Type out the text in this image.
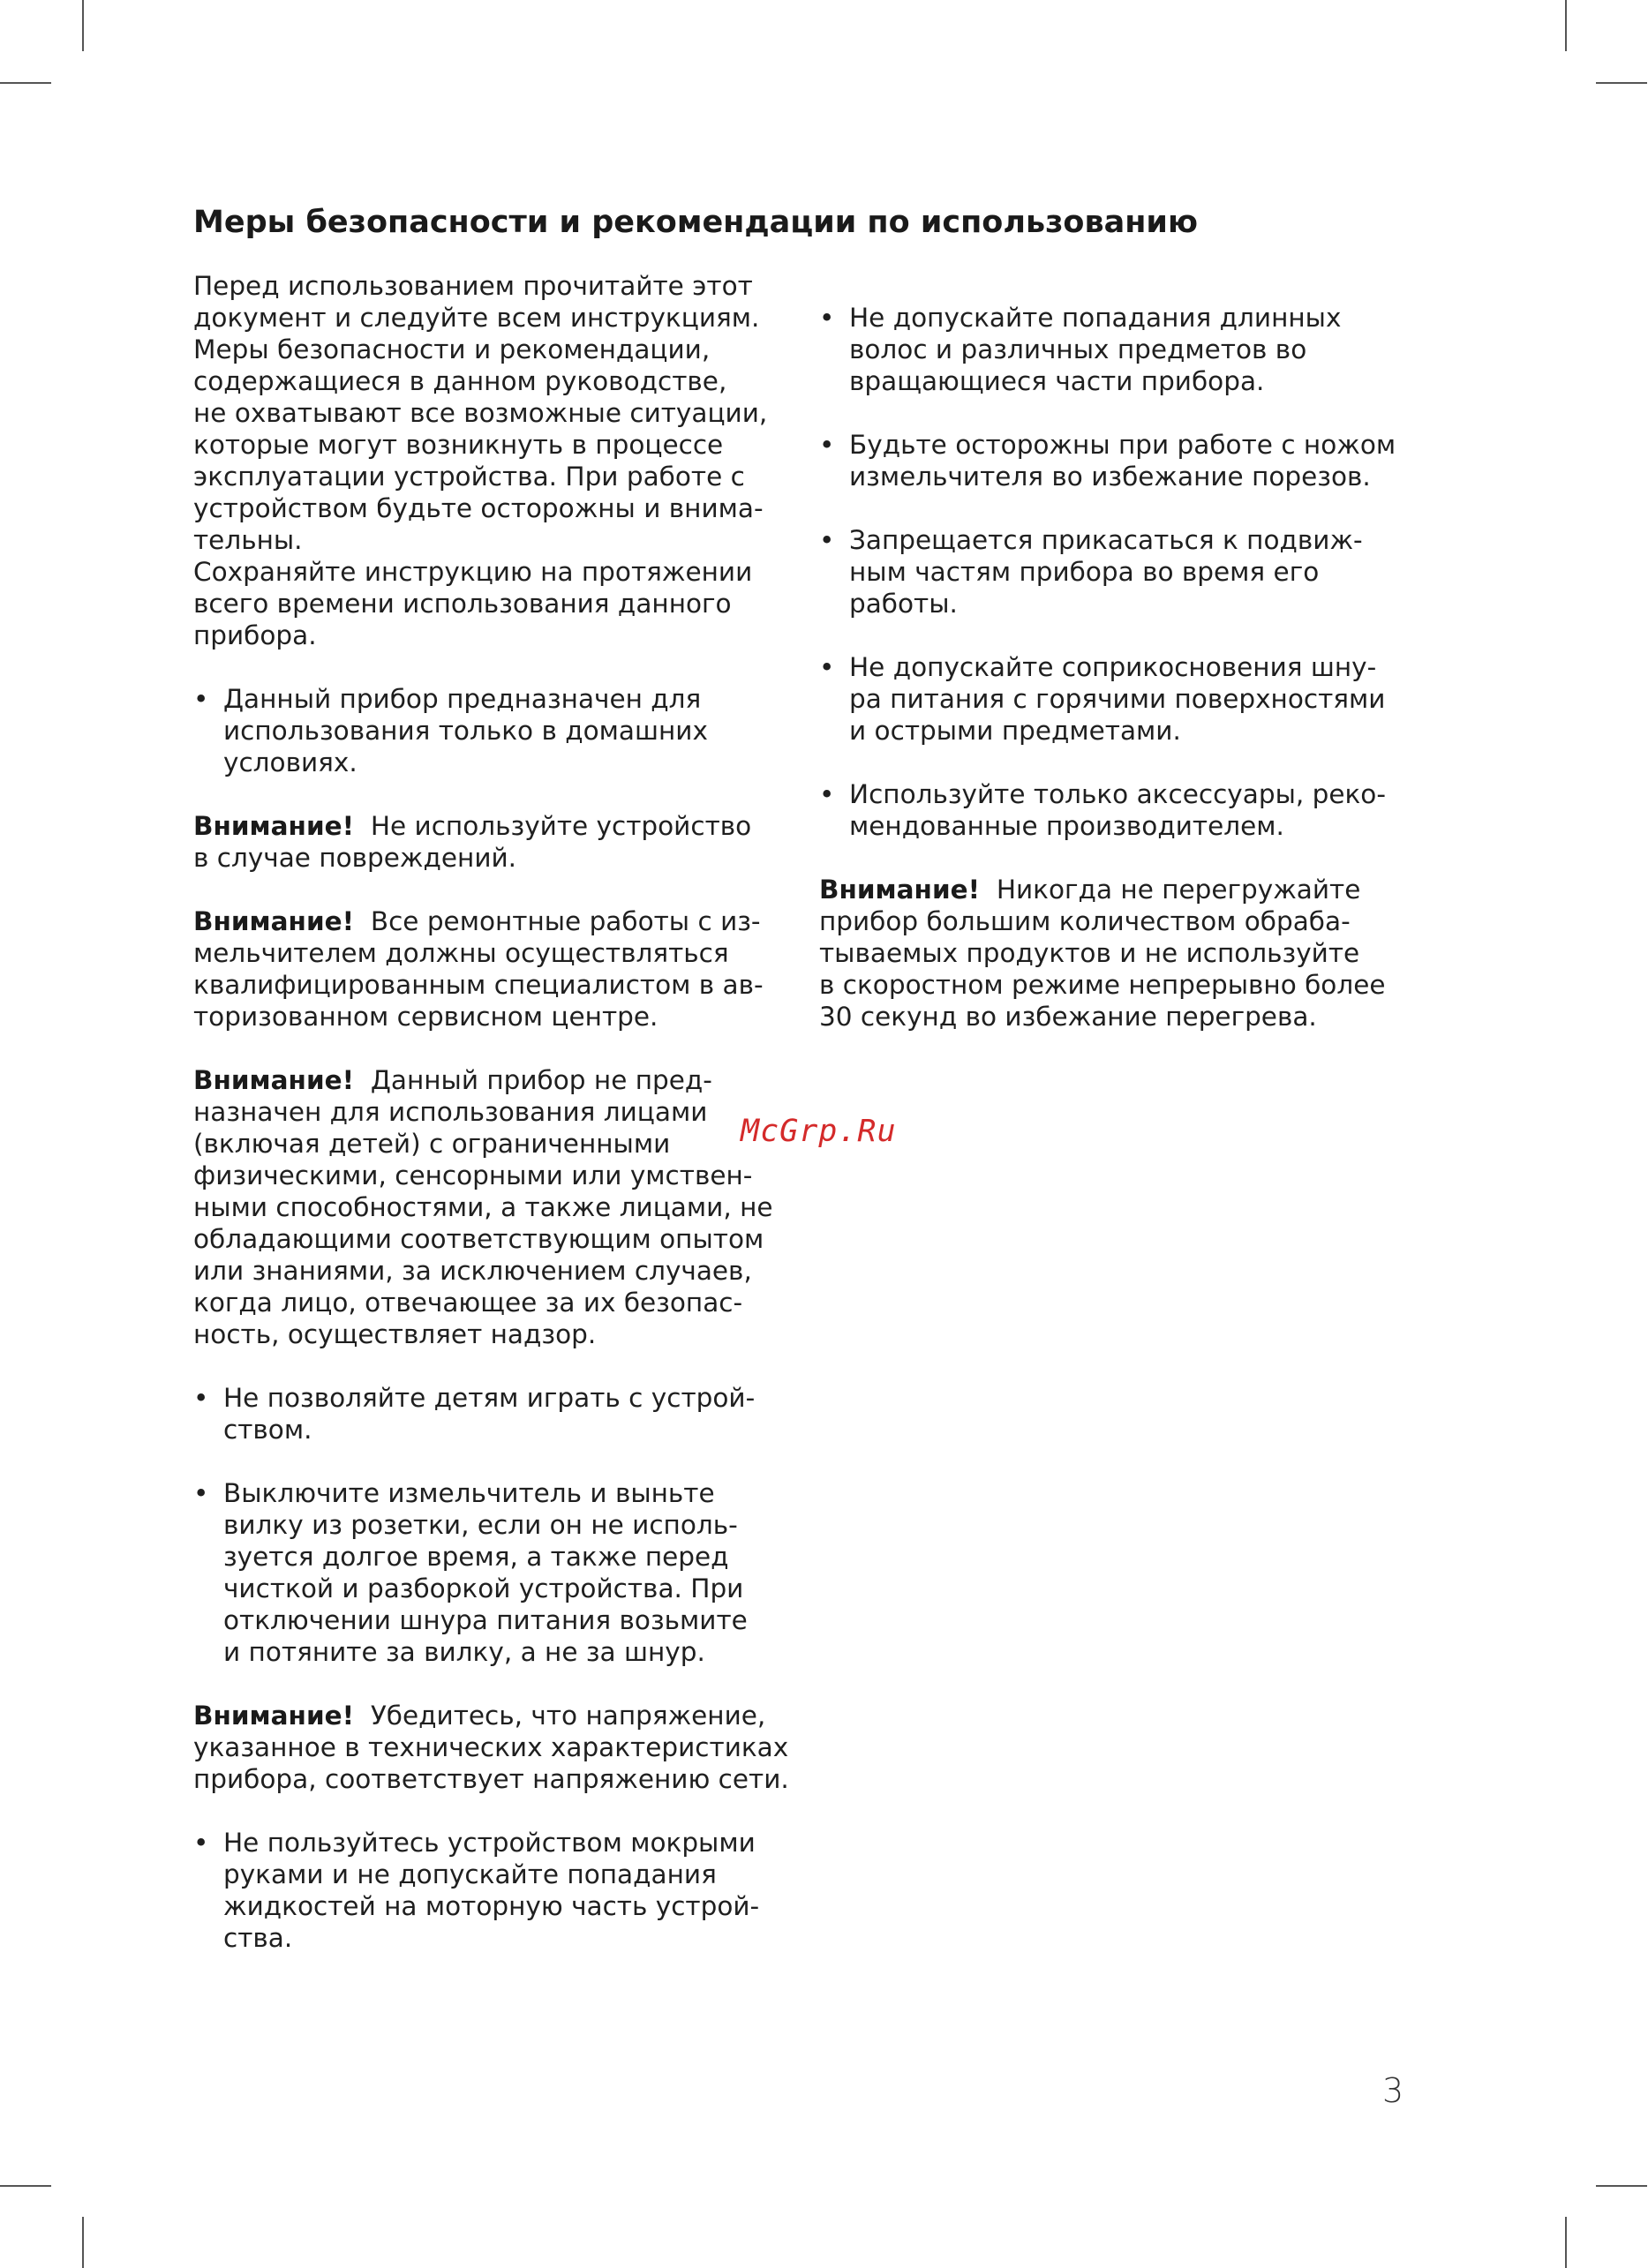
Меры безопасности и рекомендации по использованию
Перед использованием прочитайте этот
документ и следуйте всем инструкциям.
Меры безопасности и рекомендации,
содержащиеся в данном руководстве,
не охватывают все возможные ситуации,
которые могут возникнуть в процессе
эксплуатации устройства. При работе с
устройством будьте осторожны и внима-
тельны.
Сохраняйте инструкцию на протяжении
всего времени использования данного
прибора.
• Данный прибор предназначен для
использования только в домашних
условиях.
Внимание!  Не используйте устройство
в случае повреждений.
Внимание!  Все ремонтные работы с из-
мельчителем должны осуществляться
квалифицированным специалистом в ав-
торизованном сервисном центре.
Внимание!  Данный прибор не пред-
назначен для использования лицами
(включая детей) с ограниченными
физическими, сенсорными или умствен-
ными способностями, а также лицами, не
обладающими соответствующим опытом
или знаниями, за исключением случаев,
когда лицо, отвечающее за их безопас-
ность, осуществляет надзор.
• Не позволяйте детям играть с устрой-
ством.
• Выключите измельчитель и выньте
вилку из розетки, если он не исполь-
зуется долгое время, а также перед
чисткой и разборкой устройства. При
отключении шнура питания возьмите
и потяните за вилку, а не за шнур.
Внимание!  Убедитесь, что напряжение,
указанное в технических характеристиках
прибора, соответствует напряжению сети.
• Не пользуйтесь устройством мокрыми
руками и не допускайте попадания
жидкостей на моторную часть устрой-
ства.
• Не допускайте попадания длинных
волос и различных предметов во
вращающиеся части прибора.
• Будьте осторожны при работе с ножом
измельчителя во избежание порезов.
• Запрещается прикасаться к подвиж-
ным частям прибора во время его
работы.
• Не допускайте соприкосновения шну-
ра питания с горячими поверхностями
и острыми предметами.
• Используйте только аксессуары, реко-
мендованные производителем.
Внимание!  Никогда не перегружайте
прибор большим количеством обраба-
тываемых продуктов и не используйте
в скоростном режиме непрерывно более
30 секунд во избежание перегрева.
McGrp.Ru
3
